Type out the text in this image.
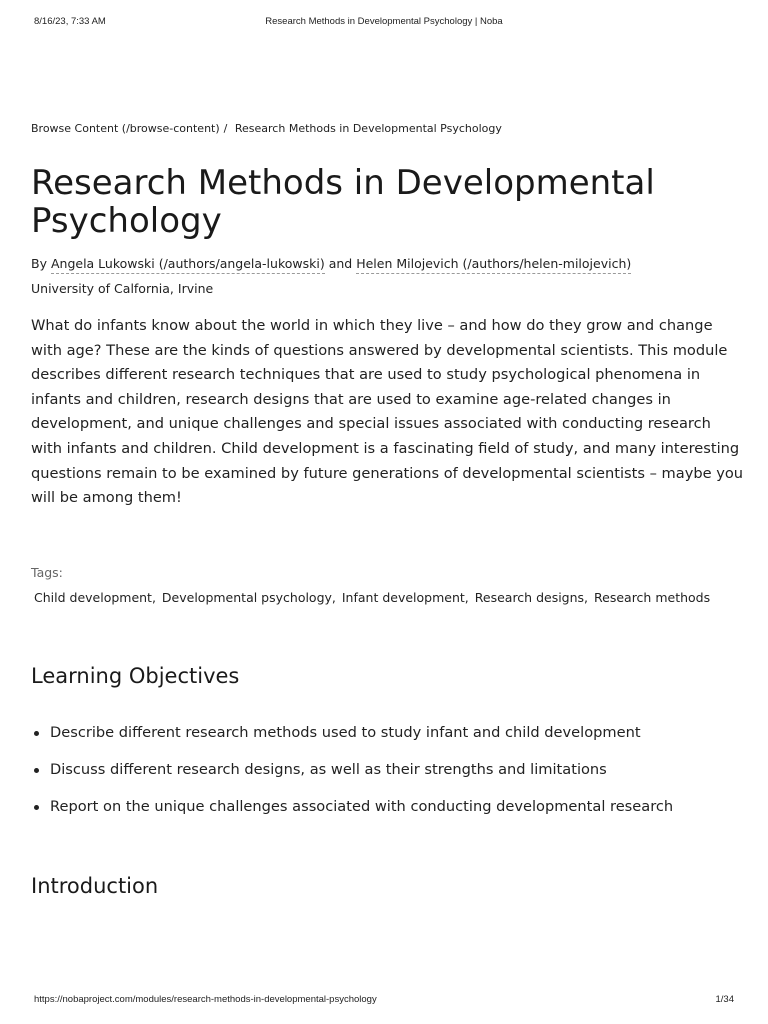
8/16/23, 7:33 AM	Research Methods in Developmental Psychology | Noba
Browse Content (/browse-content) / Research Methods in Developmental Psychology
Research Methods in Developmental Psychology
By Angela Lukowski (/authors/angela-lukowski) and Helen Milojevich (/authors/helen-milojevich)
University of Calfornia, Irvine

What do infants know about the world in which they live – and how do they grow and change with age? These are the kinds of questions answered by developmental scientists. This module describes different research techniques that are used to study psychological phenomena in infants and children, research designs that are used to examine age-related changes in development, and unique challenges and special issues associated with conducting research with infants and children. Child development is a fascinating field of study, and many interesting questions remain to be examined by future generations of developmental scientists – maybe you will be among them!

Tags:
Child development, Developmental psychology, Infant development, Research designs, Research methods
Learning Objectives
Describe different research methods used to study infant and child development
Discuss different research designs, as well as their strengths and limitations
Report on the unique challenges associated with conducting developmental research
Introduction
https://nobaproject.com/modules/research-methods-in-developmental-psychology	1/34
